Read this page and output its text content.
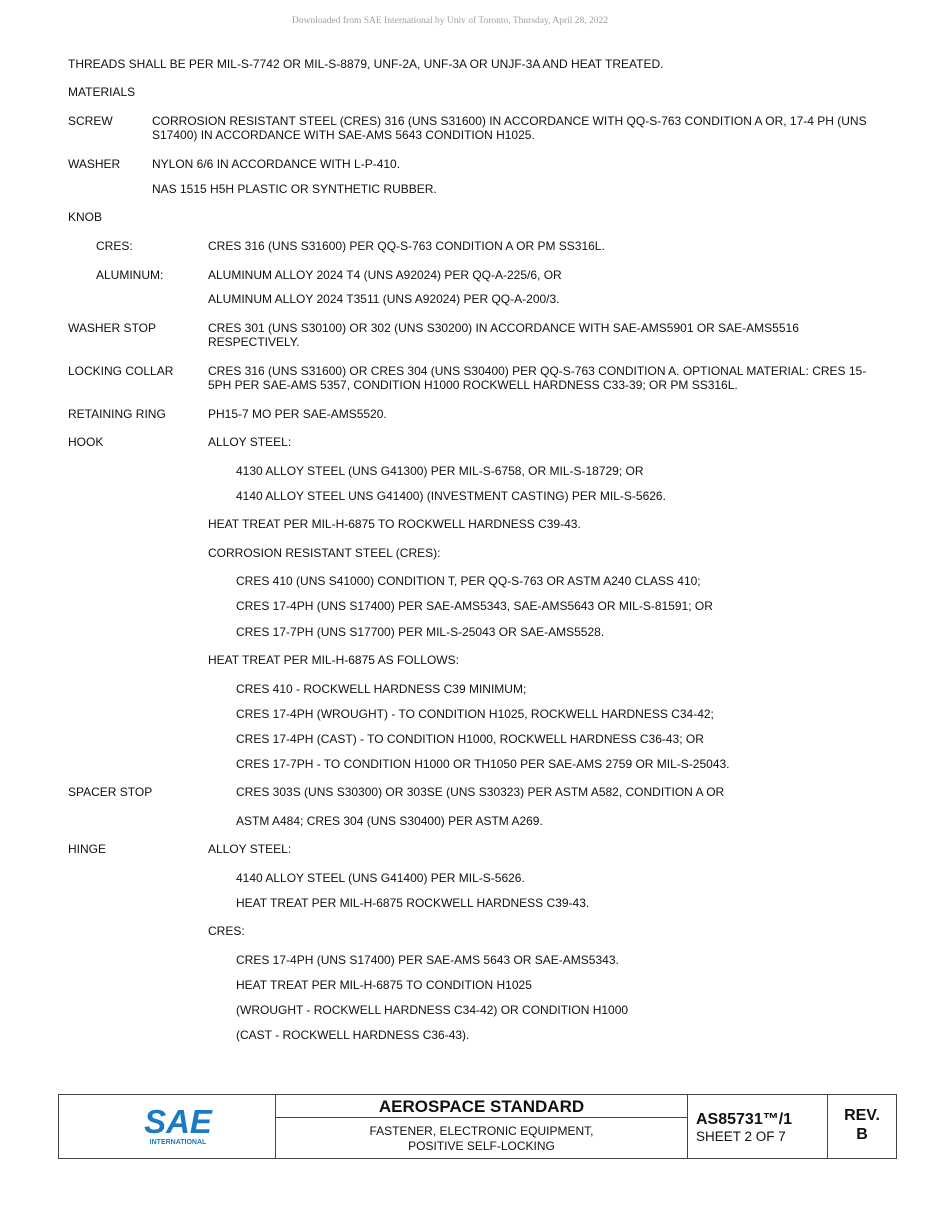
Downloaded from SAE International by Univ of Toronto, Thursday, April 28, 2022
THREADS SHALL BE PER MIL-S-7742 OR MIL-S-8879, UNF-2A, UNF-3A OR UNJF-3A AND HEAT TREATED.
MATERIALS
SCREW	CORROSION RESISTANT STEEL (CRES) 316 (UNS S31600) IN ACCORDANCE WITH QQ-S-763 CONDITION A OR, 17-4 PH (UNS S17400) IN ACCORDANCE WITH SAE-AMS 5643 CONDITION H1025.
WASHER	NYLON 6/6 IN ACCORDANCE WITH L-P-410.
NAS 1515 H5H PLASTIC OR SYNTHETIC RUBBER.
KNOB
CRES:	CRES 316 (UNS S31600) PER QQ-S-763 CONDITION A OR PM SS316L.
ALUMINUM:	ALUMINUM ALLOY 2024 T4 (UNS A92024) PER QQ-A-225/6, OR
ALUMINUM ALLOY 2024 T3511 (UNS A92024) PER QQ-A-200/3.
WASHER STOP	CRES 301 (UNS S30100) OR 302 (UNS S30200) IN ACCORDANCE WITH SAE-AMS5901 OR SAE-AMS5516 RESPECTIVELY.
LOCKING COLLAR	CRES 316 (UNS S31600) OR CRES 304 (UNS S30400) PER QQ-S-763 CONDITION A. OPTIONAL MATERIAL: CRES 15-5PH PER SAE-AMS 5357, CONDITION H1000 ROCKWELL HARDNESS C33-39; OR PM SS316L.
RETAINING RING	PH15-7 MO PER SAE-AMS5520.
HOOK	ALLOY STEEL:
4130 ALLOY STEEL (UNS G41300) PER MIL-S-6758, OR MIL-S-18729; OR
4140 ALLOY STEEL UNS G41400) (INVESTMENT CASTING) PER MIL-S-5626.
HEAT TREAT PER MIL-H-6875 TO ROCKWELL HARDNESS C39-43.
CORROSION RESISTANT STEEL (CRES):
CRES 410 (UNS S41000) CONDITION T, PER QQ-S-763 OR ASTM A240 CLASS 410;
CRES 17-4PH (UNS S17400) PER SAE-AMS5343, SAE-AMS5643 OR MIL-S-81591; OR
CRES 17-7PH (UNS S17700) PER MIL-S-25043 OR SAE-AMS5528.
HEAT TREAT PER MIL-H-6875 AS FOLLOWS:
CRES 410 - ROCKWELL HARDNESS C39 MINIMUM;
CRES 17-4PH (WROUGHT) - TO CONDITION H1025, ROCKWELL HARDNESS C34-42;
CRES 17-4PH (CAST) - TO CONDITION H1000, ROCKWELL HARDNESS C36-43; OR
CRES 17-7PH - TO CONDITION H1000 OR TH1050 PER SAE-AMS 2759 OR MIL-S-25043.
SPACER STOP	CRES 303S (UNS S30300) OR 303SE (UNS S30323) PER ASTM A582, CONDITION A OR
ASTM A484; CRES 304 (UNS S30400) PER ASTM A269.
HINGE	ALLOY STEEL:
4140 ALLOY STEEL (UNS G41400) PER MIL-S-5626.
HEAT TREAT PER MIL-H-6875 ROCKWELL HARDNESS C39-43.
CRES:
CRES 17-4PH (UNS S17400) PER SAE-AMS 5643 OR SAE-AMS5343.
HEAT TREAT PER MIL-H-6875 TO CONDITION H1025
(WROUGHT - ROCKWELL HARDNESS C34-42) OR CONDITION H1000
(CAST - ROCKWELL HARDNESS C36-43).
SAE
INTERNATIONAL
AEROSPACE STANDARD
FASTENER, ELECTRONIC EQUIPMENT,
POSITIVE SELF-LOCKING
AS85731™/1
SHEET 2 OF 7
REV.
B
